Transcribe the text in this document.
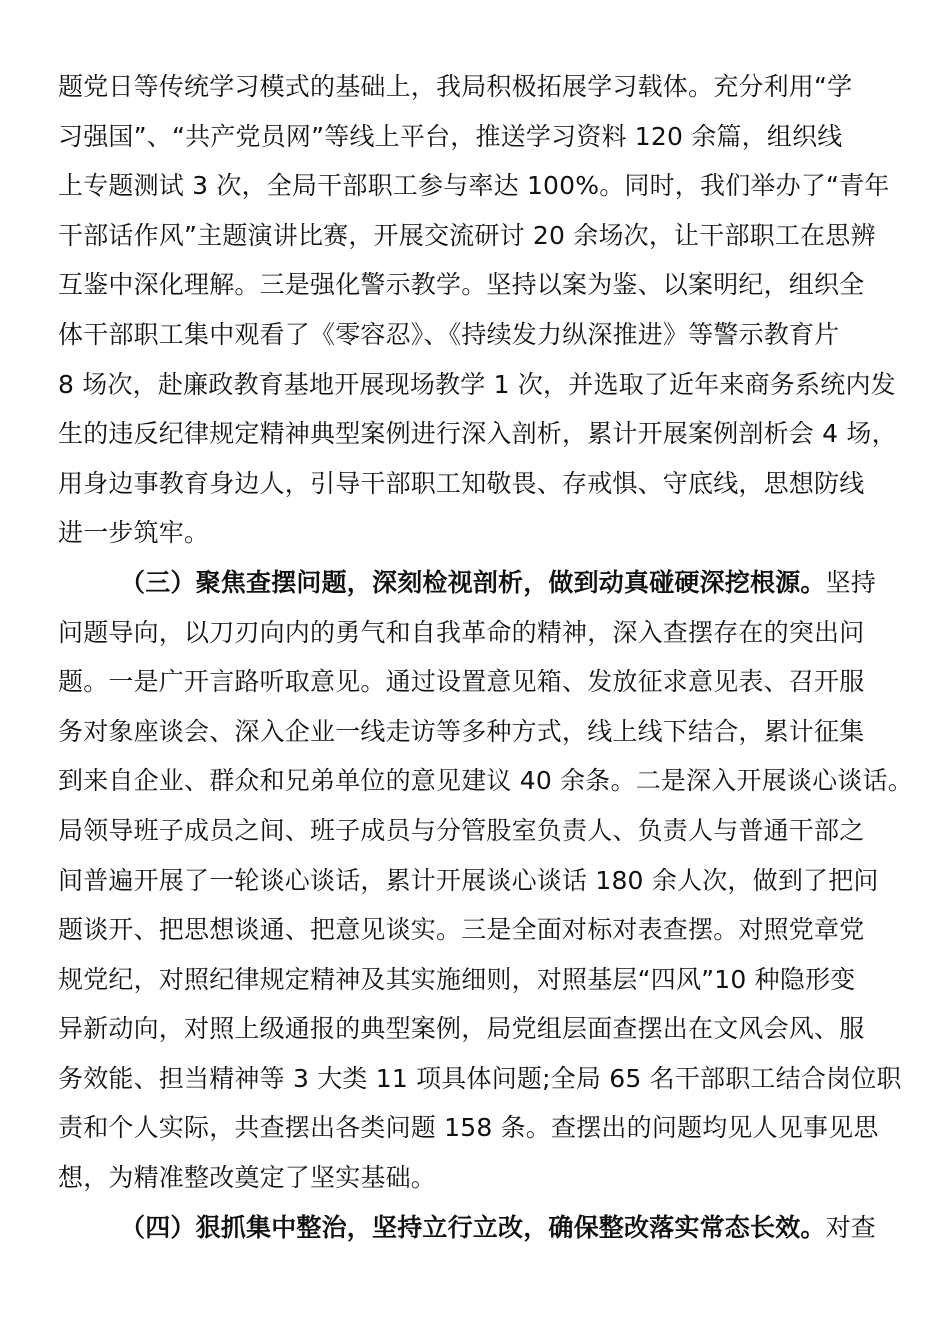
题党日等传统学习模式的基础上，我局积极拓展学习载体。充分利用“学
习强国”、“共产党员网”等线上平台，推送学习资料 120 余篇，组织线
上专题测试 3 次，全局干部职工参与率达 100%。同时，我们举办了“青年
干部话作风”主题演讲比赛，开展交流研讨 20 余场次，让干部职工在思辨
互鉴中深化理解。三是强化警示教学。坚持以案为鉴、以案明纪，组织全
体干部职工集中观看了《零容忍》、《持续发力纵深推进》等警示教育片
8 场次，赴廉政教育基地开展现场教学 1 次，并选取了近年来商务系统内发
生的违反纪律规定精神典型案例进行深入剖析，累计开展案例剖析会 4 场，
用身边事教育身边人，引导干部职工知敬畏、存戒惧、守底线，思想防线
进一步筑牢。
（三）聚焦查摆问题，深刻检视剖析，做到动真碰硬深挖根源。坚持
问题导向，以刀刃向内的勇气和自我革命的精神，深入查摆存在的突出问
题。一是广开言路听取意见。通过设置意见箱、发放征求意见表、召开服
务对象座谈会、深入企业一线走访等多种方式，线上线下结合，累计征集
到来自企业、群众和兄弟单位的意见建议 40 余条。二是深入开展谈心谈话。
局领导班子成员之间、班子成员与分管股室负责人、负责人与普通干部之
间普遍开展了一轮谈心谈话，累计开展谈心谈话 180 余人次，做到了把问
题谈开、把思想谈通、把意见谈实。三是全面对标对表查摆。对照党章党
规党纪，对照纪律规定精神及其实施细则，对照基层“四风”10 种隐形变
异新动向，对照上级通报的典型案例，局党组层面查摆出在文风会风、服
务效能、担当精神等 3 大类 11 项具体问题;全局 65 名干部职工结合岗位职
责和个人实际，共查摆出各类问题 158 条。查摆出的问题均见人见事见思
想，为精准整改奠定了坚实基础。
（四）狠抓集中整治，坚持立行立改，确保整改落实常态长效。对查
